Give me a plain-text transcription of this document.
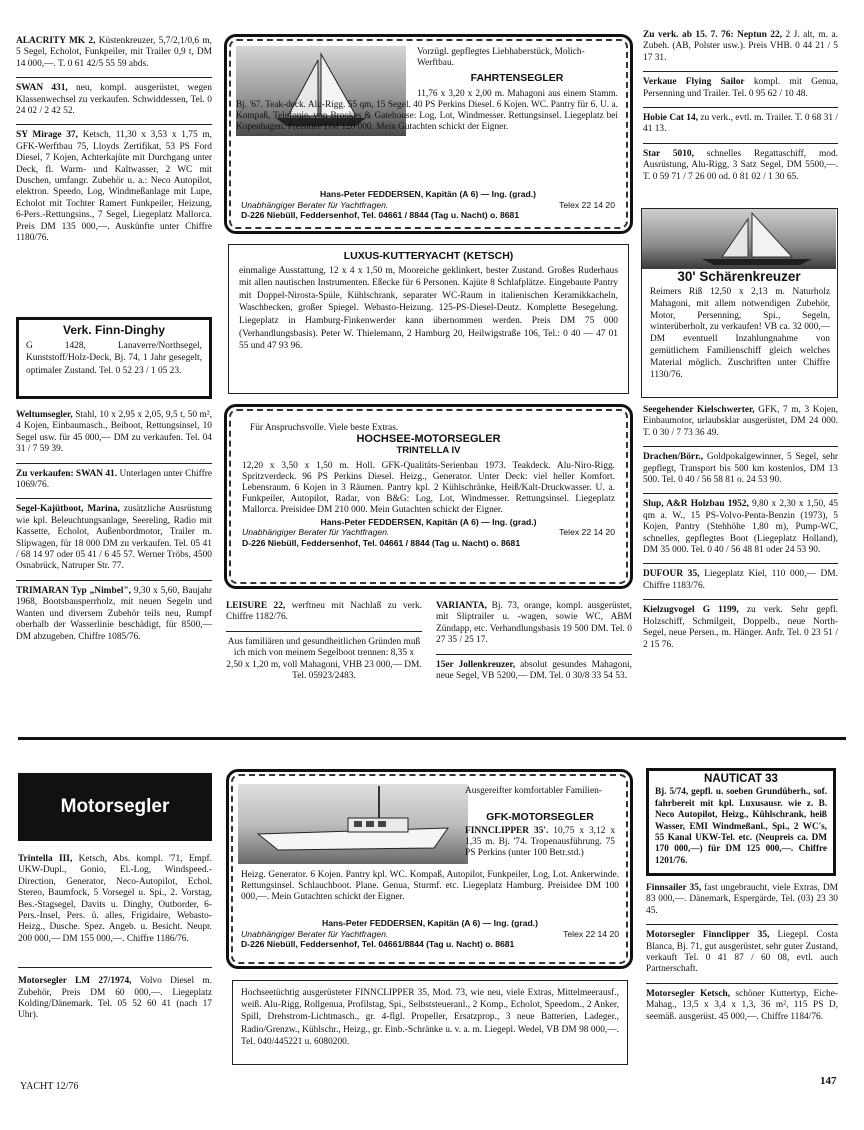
ALACRITY MK 2, Küstenkreuzer, 5,7/2,1/0,6 m, 5 Segel, Echolot, Funkpeiler, mit Trailer 0,9 t, DM 14 000,—. T. 0 61 42/5 55 59 abds.

SWAN 431, neu, kompl. ausgerüstet, wegen Klassenwechsel zu verkaufen. Schwiddessen, Tel. 0 24 02 / 2 42 52.

SY Mirage 37, Ketsch, 11,30 x 3,53 x 1,75 m, GFK-Werftbau 75, Lloyds Zertifikat, 53 PS Ford Diesel, 7 Kojen, Achterkajüte mit Durchgang unter Deck, fl. Warm- und Kaltwasser, 2 WC mit Duschen, umfangr. Zubehör u. a.: Neco Autopilot, elektron. Speedo, Log, Windmeßanlage mit Lupe, Echolot mit Tochter Ramert Funkpeiler, Heizung, 6-Pers.-Rettungsins., 7 Segel, Liegeplatz Mallorca. Preis DM 135 000,—. Auskünfte unter Chiffre 1180/76.

Verk. Finn-Dinghy
G 1428, Lanaverre/Northsegel, Kunststoff/Holz-Deck, Bj. 74, 1 Jahr gesegelt, optimaler Zustand. Tel. 0 52 23 / 1 05 23.

Weltumsegler, Stahl, 10 x 2,95 x 2,05, 9,5 t, 50 m², 4 Kojen, Einbaumasch., Beiboot, Rettungsinsel, 10 Segel usw. für 45 000,— DM zu verkaufen. Tel. 04 31 / 7 59 39.

Zu verkaufen: SWAN 41. Unterlagen unter Chiffre 1069/76.

Segel-Kajütboot, Marina, zusätzliche Ausrüstung wie kpl. Beleuchtungsanlage, Seereling, Radio mit Kassette, Echolot, Außenbordmotor, Trailer m. Slipwagen, für 18 000 DM zu verkaufen. Tel. 05 41 / 68 14 97 oder 05 41 / 6 45 57. Werner Tröbs, 4500 Osnabrück, Natruper Str. 77.

TRIMARAN Typ „Nimbel", 9,30 x 5,60, Baujahr 1968, Bootsbausperrholz, mit neuen Segeln und Wanten und diversem Zubehör teils neu, Rumpf oberhalb der Wasserlinie beschädigt, für 8500,— DM abzugeben. Chiffre 1085/76.

Vorzügl. gepflegtes Liebhaberstück, Molich-Werftbau.
FAHRTENSEGLER
11,76 x 3,20 x 2,00 m. Mahagoni aus einem Stamm. Bj. '67. Teak-deck. Alu-Rigg. 55 qm, 15 Segel. 40 PS Perkins Diesel. 6 Kojen. WC. Pantry für 6. U. a. Kompaß, Telefonie, von Brookes & Gatehouse: Log, Lot, Windmesser. Rettungsinsel. Liegeplatz bei Kopenhagen. Preisidee DM 120 000. Mein Gutachten schickt der Eigner.
Hans-Peter FEDDERSEN, Kapitän (A 6) — Ing. (grad.)
Unabhängiger Berater für Yachtfragen.	Telex 22 14 20
D-226 Niebüll, Feddersenhof, Tel. 04661 / 8844 (Tag u. Nacht) o. 8681
LUXUS-KUTTERYACHT (KETSCH)
einmalige Ausstattung, 12 x 4 x 1,50 m, Mooreiche geklinkert, bester Zustand. Großes Ruderhaus mit allen nautischen Instrumenten. Eßecke für 6 Personen. Kajüte 8 Schlafplätze. Eingebaute Pantry mit Doppel-Nirosta-Spüle, Kühlschrank, separater WC-Raum in italienischen Keramikkacheln, Waschbecken, großer Spiegel. Webasto-Heizung. 125-PS-Diesel-Deutz. Komplette Besegelung. Liegeplatz in Hamburg-Finkenwerder kann übernommen werden. Preis DM 75 000 (Verhandlungsbasis). Peter W. Thielemann, 2 Hamburg 20, Heilwigstraße 106, Tel.: 0 40 — 47 01 55 und 47 93 96.
Für Anspruchsvolle. Viele beste Extras.
HOCHSEE-MOTORSEGLER
TRINTELLA IV
12,20 x 3,50 x 1,50 m. Holl. GFK-Qualitäts-Serienbau 1973. Teakdeck. Alu-Niro-Rigg. Spritzverdeck. 96 PS Perkins Diesel. Heizg., Generator. Unter Deck: viel heller Komfort. Lebensraum. 6 Kojen in 3 Räumen. Pantry kpl. 2 Kühlschränke, Heiß/Kalt-Druckwasser. U. a. Funkpeiler, Autopilot, Radar, von B&G: Log, Lot, Windmesser. Rettungsinsel. Liegeplatz Mallorca. Preisidee DM 210 000. Mein Gutachten schickt der Eigner.
Hans-Peter FEDDERSEN, Kapitän (A 6) — Ing. (grad.)
Unabhängiger Berater für Yachtfragen.	Telex 22 14 20
D-226 Niebüll, Feddersenhof, Tel. 04661 / 8844 (Tag u. Nacht) o. 8681

LEISURE 22, werftneu mit Nachlaß zu verk. Chiffre 1182/76.

Aus familiären und gesundheitlichen Gründen muß ich mich von meinem Segelboot trennen: 8,35 x 2,50 x 1,20 m, voll Mahagoni, VHB 23 000,— DM. Tel. 05923/2483.

VARIANTA, Bj. 73, orange, kompl. ausgerüstet, mit Sliptrailer u. -wagen, sowie WC, ABM Zündapp, etc. Verhandlungsbasis 19 500 DM. Tel. 0 27 35 / 25 17.

15er Jollenkreuzer, absolut gesundes Mahagoni, neue Segel, VB 5200,— DM. Tel. 0 30/8 33 54 53.

Zu verk. ab 15. 7. 76: Neptun 22, 2 J. alt, m. a. Zubeh. (AB, Polster usw.). Preis VHB. 0 44 21 / 5 17 31.

Verkaue Flying Sailor kompl. mit Genua, Persenning und Trailer. Tel. 0 95 62 / 10 48.

Hobie Cat 14, zu verk., evtl. m. Trailer. T. 0 68 31 / 41 13.

Star 5010, schnelles Regattaschiff, mod. Ausrüstung, Alu-Rigg, 3 Satz Segel, DM 5500,—. T. 0 59 71 / 7 26 00 od. 0 81 02 / 1 30 65.

30' Schärenkreuzer
Reimers Riß 12,50 x 2,13 m. Naturholz Mahagoni, mit allem notwendigen Zubehör, Motor, Persenning, Spi., Segeln, winterüberholt, zu verkaufen! VB ca. 32 000,— DM eventuell Inzahlungnahme von gemütlichem Familienschiff gleich welches Material möglich. Zuschriften unter Chiffre 1130/76.

Seegehender Kielschwerter, GFK, 7 m, 3 Kojen, Einbaumotor, urlaubsklar ausgerüstet, DM 24 000. T. 0 30 / 7 73 36 49.

Drachen/Börr., Goldpokalgewinner, 5 Segel, sehr gepflegt, Transport bis 500 km kostenlos, DM 13 500. Tel. 0 40 / 56 58 81 o. 24 53 90.

Slup, A&R Holzbau 1952, 9,80 x 2,30 x 1,50, 45 qm a. W., 15 PS-Volvo-Penta-Benzin (1973), 5 Kojen, Pantry (Stehhöhe 1,80 m), Pump-WC, schnelles, gepflegtes Boot (Liegeplatz Holland), DM 35 000. Tel. 0 40 / 56 48 81 oder 24 53 90.

DUFOUR 35, Liegeplatz Kiel, 110 000,— DM. Chiffre 1183/76.

Kielzugvogel G 1199, zu verk. Sehr gepfl. Holzschiff, Schmilgeit, Doppelb., neue North-Segel, neue Persen., m. Hänger. Anfr. Tel. 0 23 51 / 2 15 76.

Motorsegler

Trintella III, Ketsch, Abs. kompl. '71, Empf. UKW-Dupl., Gonio, El.-Log, Windspeed.-Direction, Generator, Neco-Autopilot, Echol. Stereo, Baumfock, 5 Vorsegel u. Spi., 2. Vorstag, Bes.-Stagsegel, Davits u. Dinghy, Outborder, 6-Pers.-Insel, Pers. ü. alles, Frigidaire, Webasto-Heizg., Dusche. Spez. Angeb. u. Besicht. Neupr. 200 000,— DM 155 000,—. Chiffre 1186/76.

Motorsegler LM 27/1974, Volvo Diesel m. Zubehör, Preis DM 60 000,—. Liegeplatz Kolding/Dänemark. Tel. 05 52 60 41 (nach 17 Uhr).

Ausgereifter komfortabler Familien-
GFK-MOTORSEGLER
FINNCLIPPER 35'. 10,75 x 3,12 x 1,35 m. Bj. '74. Tropenausführung. 75 PS Perkins (unter 100 Betr.std.)
Heizg. Generator. 6 Kojen. Pantry kpl. WC. Kompaß, Autopilot, Funkpeiler, Log, Lot. Ankerwinde. Rettungsinsel. Schlauchboot. Plane. Genua, Sturmf. etc. Liegeplatz Hamburg. Preisidee DM 100 000,—. Mein Gutachten schickt der Eigner.
Hans-Peter FEDDERSEN, Kapitän (A 6) — Ing. (grad.)
Unabhängiger Berater für Yachtfragen.	Telex 22 14 20
D-226 Niebüll, Feddersenhof, Tel. 04661/8844 (Tag u. Nacht) o. 8681
Hochseetüchtig ausgerüsteter FINNCLIPPER 35, Mod. 73, wie neu, viele Extras, Mittelmeerausf., weiß. Alu-Rigg, Rollgenua, Profilstag, Spi., Selbststeueranl., 2 Komp., Echolot, Speedom., 2 Anker, Spill, Drehstrom-Lichtmasch., gr. 4-flgl. Propeller, Ersatzprop., 3 neue Batterien, Ladeger., Radio/Grenzw., Kühlschr., Heizg., gr. Einb.-Schränke u. v. a. m. Liegepl. Wedel, VB DM 98 000,—. Tel. 040/445221 u. 6080200.
NAUTICAT 33
Bj. 5/74, gepfl. u. soeben Grundüberh., sof. fahrbereit mit kpl. Luxusausr. wie z. B. Neco Autopilot, Heizg., Kühlschrank, heiß Wasser, EMI Windmeßanl., Spi., 2 WC's, 55 Kanal UKW-Tel. etc. (Neupreis ca. DM 170 000,—) für DM 125 000,—. Chiffre 1201/76.

Finnsailer 35, fast ungebraucht, viele Extras, DM 83 000,—. Dänemark, Espergärde, Tel. (03) 23 30 45.

Motorsegler Finnclipper 35, Liegepl. Costa Blanca, Bj. 71, gut ausgerüstet, sehr guter Zustand, verkauft Tel. 0 41 87 / 60 08, evtl. auch Partnerschaft.

Motorsegler Ketsch, schöner Kuttertyp, Eiche-Mahag., 13,5 x 3,4 x 1,3, 36 m², 115 PS D, seemäß. ausgerüst. 45 000,—. Chiffre 1184/76.

YACHT 12/76	147
